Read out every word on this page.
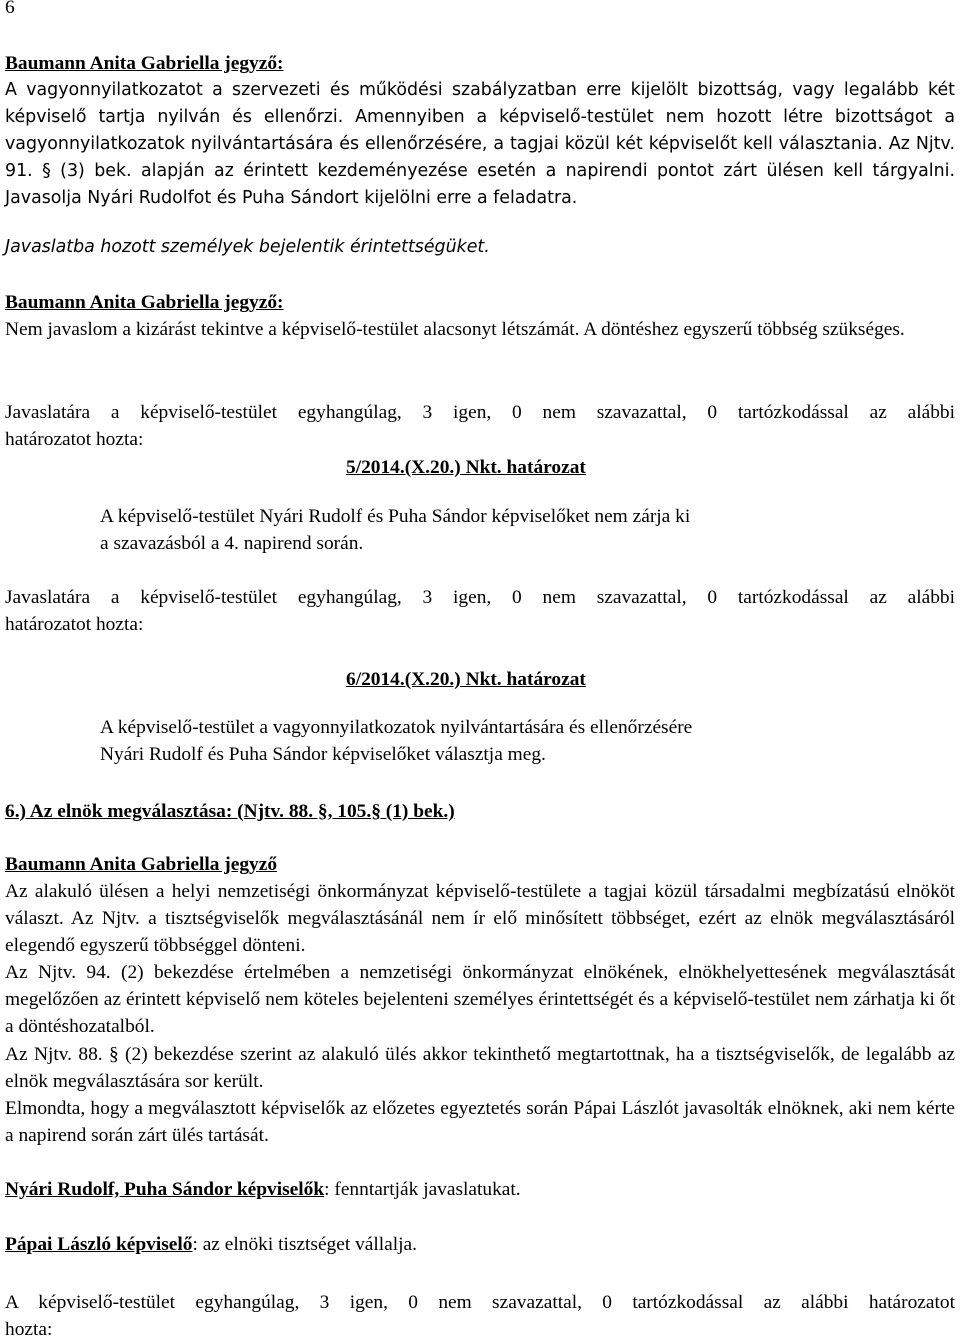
6
Baumann Anita Gabriella jegyző:
A vagyonnyilatkozatot a szervezeti és működési szabályzatban erre kijelölt bizottság, vagy legalább két képviselő tartja nyilván és ellenőrzi. Amennyiben a képviselő-testület nem hozott létre bizottságot a vagyonnyilatkozatok nyilvántartására és ellenőrzésére, a tagjai közül két képviselőt kell választania. Az Njtv. 91. § (3) bek. alapján az érintett kezdeményezése esetén a napirendi pontot zárt ülésen kell tárgyalni. Javasolja Nyári Rudolfot és Puha Sándort kijelölni erre a feladatra.
Javaslatba hozott személyek bejelentik érintettségüket.
Baumann Anita Gabriella jegyző:
Nem javaslom a kizárást tekintve a képviselő-testület alacsonyt létszámát. A döntéshez egyszerű többség szükséges.
Javaslatára a képviselő-testület egyhangúlag, 3 igen, 0 nem szavazattal, 0 tartózkodással az alábbi
határozatot hozta:
5/2014.(X.20.) Nkt. határozat
A képviselő-testület Nyári Rudolf és Puha Sándor képviselőket nem zárja ki
a szavazásból a 4. napirend során.
Javaslatára a képviselő-testület egyhangúlag, 3 igen, 0 nem szavazattal, 0 tartózkodással az alábbi
határozatot hozta:
6/2014.(X.20.) Nkt. határozat
A képviselő-testület a vagyonnyilatkozatok nyilvántartására és ellenőrzésére
Nyári Rudolf és Puha Sándor képviselőket választja meg.
6.) Az elnök megválasztása: (Njtv. 88. §, 105.§ (1) bek.)
Baumann Anita Gabriella jegyző
Az alakuló ülésen a helyi nemzetiségi önkormányzat képviselő-testülete a tagjai közül társadalmi megbízatású elnököt választ. Az Njtv. a tisztségviselők megválasztásánál nem ír elő minősített többséget, ezért az elnök megválasztásáról elegendő egyszerű többséggel dönteni.
Az Njtv. 94. (2) bekezdése értelmében a nemzetiségi önkormányzat elnökének, elnökhelyettesének megválasztását megelőzően az érintett képviselő nem köteles bejelenteni személyes érintettségét és a képviselő-testület nem zárhatja ki őt a döntéshozatalból.
Az Njtv. 88. § (2) bekezdése szerint az alakuló ülés akkor tekinthető megtartottnak, ha a tisztségviselők, de legalább az elnök megválasztására sor került.
Elmondta, hogy a megválasztott képviselők az előzetes egyeztetés során Pápai Lászlót javasolták elnöknek, aki nem kérte a napirend során zárt ülés tartását.
Nyári Rudolf, Puha Sándor képviselők: fenntartják javaslatukat.
Pápai László képviselő: az elnöki tisztséget vállalja.
A képviselő-testület egyhangúlag, 3 igen, 0 nem szavazattal, 0 tartózkodással az alábbi határozatot
hozta:
